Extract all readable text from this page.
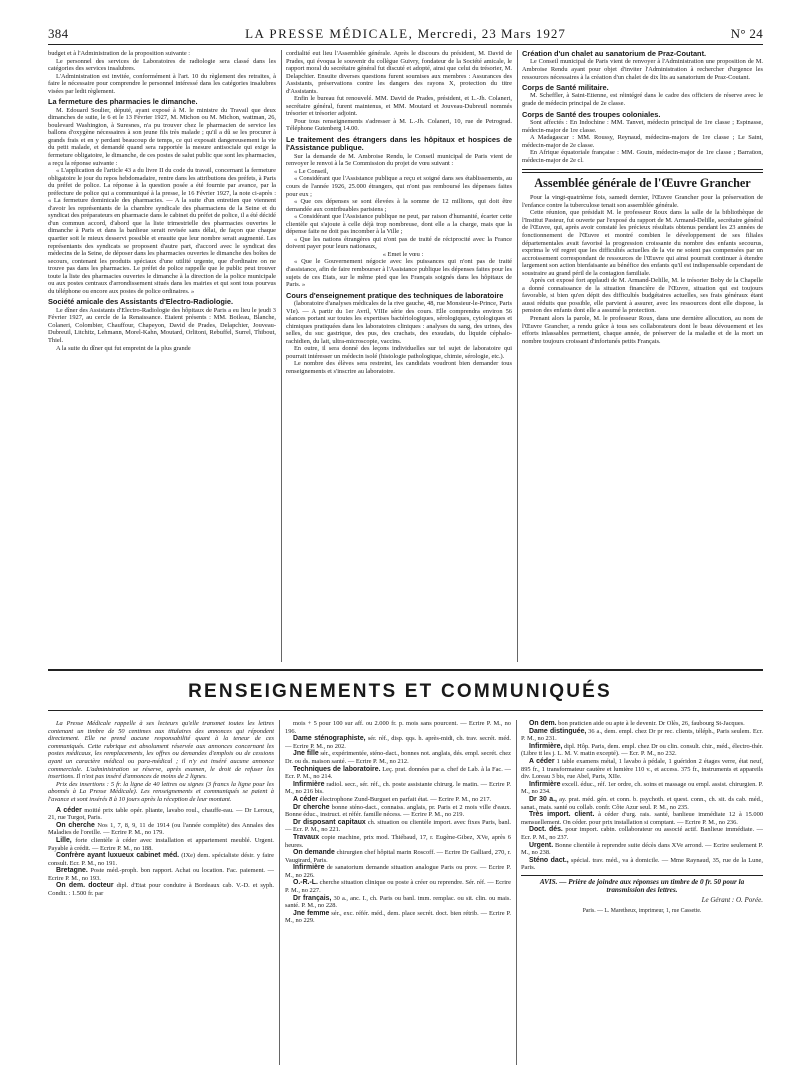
384	LA PRESSE MÉDICALE, Mercredi, 23 Mars 1927	N° 24

budget et à l'Administration de la proposition suivante :

Le personnel des services de Laboratoires de radiologie sera classé dans les catégories des services insalubres.

L'Administration est invitée, conformément à l'art. 10 du règlement des retraites, à faire le nécessaire pour comprendre le personnel intéressé dans les catégories insalubres visées par ledit règlement.

La fermeture des pharmacies le dimanche.

M. Edouard Soulier, député, ayant exposé à M. le ministre du Travail que deux dimanches de suite, le 6 et le 13 Février 1927, M. Michon ou M. Michon, wattman, 26, boulevard Washington, à Suresnes, n'a pu trouver chez le pharmacien de service les ballons d'oxygène nécessaires à son jeune fils très malade ; qu'il a dû se les procurer à grands frais et en y perdant beaucoup de temps, ce qui exposait dangereusement la vie du petit malade, et demandé quand sera rapportée la mesure antisociale qui exige la fermeture obligatoire, le dimanche, de ces postes de salut public que sont les pharmacies, a reçu la réponse suivante :

« L'application de l'article 43 a du livre II du code du travail, concernant la fermeture obligatoire le jour du repos hebdomadaire, rentre dans les attributions des préfets, à Paris du préfet de police. La réponse à la question posée a été fournie par avance, par la préfecture de police qui a communiqué à la presse, le 16 Février 1927, la note ci-après : « La fermeture dominicale des pharmacies. — A la suite d'un entretien que viennent d'avoir les représentants de la chambre syndicale des pharmaciens de la Seine et du syndicat des préparateurs en pharmacie dans le cabinet du préfet de police, il a été décidé d'un commun accord, d'abord que la liste trimestrielle des pharmacies ouvertes le dimanche à Paris et dans la banlieue serait revisée sans délai, de façon que chaque quartier soit le mieux desservi possible et ensuite que leur nombre serait augmenté. Les représentants des syndicats se proposent d'autre part, d'accord avec le syndicat des médecins de la Seine, de déposer dans les pharmacies ouvertes le dimanche des boîtes de secours, contenant les produits spéciaux d'une utilité urgente, que d'ordinaire on ne trouve pas dans les pharmacies. Le préfet de police rappelle que le public peut trouver toute la liste des pharmacies ouvertes le dimanche à la direction de la police municipale ou aux postes centraux d'arrondissement situés dans les mairies et qui sont tous pourvus du téléphone ou encore aux postes de police ordinaires. »

Société amicale des Assistants d'Electro-Radiologie.

Le dîner des Assistants d'Electro-Radiologie des hôpitaux de Paris a eu lieu le jeudi 3 Février 1927, au cercle de la Renaissance. Etaient présents : MM. Boileau, Blanche, Colaneri, Colombier, Chauffour, Chapeyon, David de Prades, Delapchier, Jouveau-Dubreuil, Litchitz, Lehmann, Morel-Kahn, Moutard, Orlitoni, Rebuffel, Surrel, Thibout, Thiel.

A la suite du dîner qui fut empreint de la plus grande

cordialité eut lieu l'Assemblée générale. Après le discours du président, M. David de Prades, qui évoqua le souvenir du collègue Guivry, fondateur de la Société amicale, le rapport moral du secrétaire général fut discuté et adopté, ainsi que celui du trésorier, M. Delapchier. Ensuite diverses questions furent soumises aux membres : Assurances des Assistants, préservations contre les dangers des rayons X, protection du titre d'Assistants.

Enfin le bureau fut renouvelé. MM. David de Prades, président, et L.-Jh. Colaneri, secrétaire général, furent maintenus, et MM. Moutard et Jouveau-Dubreuil nommés trésorier et trésorier adjoint.

Pour tous renseignements s'adresser à M. L.-Jh. Colaneri, 10, rue de Petrograd. Téléphone Gutenberg 14.00.

Le traitement des étrangers dans les hôpitaux et hospices de l'Assistance publique.

Sur la demande de M. Ambroise Rendu, le Conseil municipal de Paris vient de renvoyer le renvoi à la 5e Commission du projet de vœu suivant :

« Le Conseil,

« Considérant que l'Assistance publique a reçu et soigné dans ses établissements, au cours de l'année 1926, 25.000 étrangers, qui n'ont pas remboursé les dépenses faites pour eux ;

« Que ces dépenses se sont élevées à la somme de 12 millions, qui doit être demandée aux contribuables parisiens ;

« Considérant que l'Assistance publique ne peut, par raison d'humanité, écarter cette clientèle qui s'ajoute à celle déjà trop nombreuse, dont elle a la charge, mais que la dépense faite ne doit pas incomber à la Ville ;

« Que les nations étrangères qui n'ont pas de traité de réciprocité avec la France doivent payer pour leurs nationaux,

« Emet le vœu :

« Que le Gouvernement négocie avec les puissances qui n'ont pas de traité d'assistance, afin de faire rembourser à l'Assistance publique les dépenses faites pour les sujets de ces Etats, sur le même pied que les Français soignés dans les hôpitaux de Paris. »

Cours d'enseignement pratique des techniques de laboratoire

(laboratoire d'analyses médicales de la rive gauche, 48, rue Monsieur-le-Prince, Paris VIe). — A partir du 1er Avril, VIIIe série des cours. Elle comprendra environ 56 séances portant sur toutes les expertises bactériologiques, sérologiques, cytologiques et chimiques pratiquées dans les laboratoires cliniques : analyses du sang, des urines, des selles, du suc gastrique, des pus, des crachats, des exsudats, du liquide céphalo-rachidien, du lait, ultra-microscopie, vaccins.

En outre, il sera donné des leçons individuelles sur tel sujet de laboratoire qui pourrait intéresser un médecin isolé (histologie pathologique, chimie, sérologie, etc.).

Le nombre des élèves sera restreint, les candidats voudront bien demander tous renseignements et s'inscrire au laboratoire.

Création d'un chalet au sanatorium de Praz-Coutant.

Le Conseil municipal de Paris vient de renvoyer à l'Administration une proposition de M. Ambroise Rendu ayant pour objet d'inviter l'Administration à rechercher d'urgence les ressources nécessaires à la création d'un chalet de dix lits au sanatorium de Praz-Coutant.

Corps de Santé militaire.

M. Scheffler, à Saint-Etienne, est réintégré dans le cadre des officiers de réserve avec le grade de médecin principal de 2e classe.

Corps de Santé des troupes coloniales.

Sont affectés : En Indochine : MM. Tanvet, médecin principal de 1re classe ; Espinasse, médecin-major de 1re classe.

A Madagascar : MM. Roussy, Reynaud, médecins-majors de 1re classe ; Le Saint, médecin-major de 2e classe.

En Afrique équatoriale française : MM. Gouin, médecin-major de 1re classe ; Barraüon, médecin-major de 2e cl.

Assemblée générale de l'Œuvre Grancher

Pour la vingt-quatrième fois, samedi dernier, l'Œuvre Grancher pour la préservation de l'enfance contre la tuberculose tenait son assemblée générale.

Cette réunion, que présidait M. le professeur Roux dans la salle de la bibliothèque de l'Institut Pasteur, fut ouverte par l'exposé du rapport de M. Armand-Delille, secrétaire général de l'Œuvre, qui, après avoir constaté les précieux résultats obtenus pendant les 23 années de fonctionnement de l'Œuvre et montré combien le développement de ses filiales départementales avait favorisé la progression croissante du nombre des enfants secourus, exprima le vif regret que les difficultés actuelles de la vie ne soient pas compensées par un accroissement correspondant de ressources de l'Œuvre qui ainsi pourrait continuer à étendre largement son action bienfaisante au bénéfice des enfants qu'il est indispensable cependant de soustraire au grand péril de la contagion familiale.

Après cet exposé fort applaudi de M. Armand-Delille, M. le trésorier Boby de la Chapelle a donné connaissance de la situation financière de l'Œuvre, situation qui est toujours favorable, si bien qu'en dépit des difficultés budgétaires actuelles, ses frais généraux étant aussi réduits que possible, elle parvient à assurer, avec les ressources dont elle dispose, la pension des enfants dont elle a assumé la protection.

Prenant alors la parole, M. le professeur Roux, dans une dernière allocution, au nom de l'Œuvre Grancher, a rendu grâce à tous ses collaborateurs dont le beau dévouement et les efforts inlassables permettent, chaque année, de préserver de la maladie et de la mort un nombre toujours croissant d'infortunés petits Français.

RENSEIGNEMENTS ET COMMUNIQUÉS

La Presse Médicale rappelle à ses lecteurs qu'elle transmet toutes les lettres contenant un timbre de 50 centimes aux titulaires des annonces qui répondent directement. Elle ne prend aucune responsabilité quant à la teneur de ces communiqués. Cette rubrique est absolument réservée aux annonces concernant les postes médicaux, les remplacements, les offres ou demandes d'emplois ou de cessions ayant un caractère médical ou para-médical ; il n'y est inséré aucune annonce commerciale. L'administration se réserve, après examen, le droit de refuser les insertions. Il n'est pas inséré d'annonces de moins de 2 lignes.

Prix des insertions : 5 fr. la ligne de 40 lettres ou signes (3 francs la ligne pour les abonnés à La Presse Médicale). Les renseignements et communiqués se paient à l'avance et sont insérés 8 à 10 jours après la réception de leur montant.

A céder moitié prix table opér. pliante, lavabo roul., chauffe-eau. — Dr Leroux, 21, rue Turgot, Paris.

On cherche Nos 1, 7, 8, 9, 11 de 1914 (ou l'année complète) des Annales des Maladies de l'oreille. — Ecrire P. M., no 179.

Lille, forte clientèle à céder avec installation et appartement meublé. Urgent. Payable à crédit. — Ecrire P. M., no 188.

Confrère ayant luxueux cabinet méd. (IXe) dem. spécialiste désir. y faire consult. Ecr. P. M., no 191.

Bretagne. Poste méd.-proph. bon rapport. Achat ou location. Fac. paiement. — Ecrire P. M., no 193.

On dem. docteur dipl. d'Etat pour conduire à Bordeaux cab. V.-D. et syph. Condit. : 1.500 fr. par

mois + 5 pour 100 sur aff. ou 2.000 fr. p. mois sans pourcent. — Ecrire P. M., no 196.

Dame sténographiste, sér. réf., disp. qqs. h. après-midi, ch. trav. secrét. méd. — Ecrire P. M., no 202.

Jne fille sér., expérimentée, sténo-dact., bonnes not. anglais, dés. empl. secrét. chez Dr. ou ds. maison santé. — Ecrire P. M., no 212.

Techniques de laboratoire. Leç. prat. données par a. chef de Lab. à la Fac. — Ecr. P. M., no 214.

Infirmière radiol. secr., sér. réf., ch. poste assistante chirurg. le matin. — Ecrire P. M., no 216 bis.

A céder électrophone Zund-Burguet en parfait état. — Ecrire P. M., no 217.

Dr cherche bonne sténo-dact., connaiss. anglais, pr. Paris et 2 mois ville d'eaux. Bonne éduc., instruct. et référ. famille nécess. — Ecrire P. M., no 219.

Dr disposant capitaux ch. situation ou clientèle import. avec fixes Paris, banl. — Ecr. P. M., no 221.

Travaux copie machine, prix mod. Thiébaud, 17, r. Eugène-Gibez, XVe, après 6 heures.

On demande chirurgien chef hôpital marin Roscoff. — Ecrire Dr Galliard, 270, r. Vaugirard, Paris.

Infirmière de sanatorium demande situation analogue Paris ou prov. — Ecrire P. M., no 226.

O.-R.-L. cherche situation clinique ou poste à créer ou reprendre. Sér. réf. — Ecrire P. M., no 227.

Dr français, 30 a., anc. I., ch. Paris ou banl. imm. remplac. ou sit. clin. ou mais. santé. P. M., no 228.

Jne femme sér., exc. référ. méd., dem. place secrét. doct. bien rétrib. — Ecrire P. M., no 229.

On dem. bon praticien aide ou apte à le devenir. Dr Olès, 26, faubourg St-Jacques.

Dame distinguée, 36 a., dem. empl. chez Dr pr rec. clients, téléph., Paris seulem. Ecr. P. M., no 231.

Infirmière, dipl. Hôp. Paris, dem. empl. chez Dr ou clin. consult. chir., méd., électro-thér. (Libre tt les j. L. M. V. matin excepté). — Ecr. P. M., no 232.

A céder 1 table examens métal, 1 lavabo à pédale, 1 guéridon 2 étages verre, état neuf, 895 fr., 1 transformateur cautère et lumière 110 v., et access. 375 fr., instruments et appareils div. Loreau 3 bis, rue Abel, Paris, XIIe.

Infirmière excell. éduc., réf. 1er ordre, ch. soins et massage ou empl. assist. chirurgien. P. M., no 234.

Dr 30 a., ay. prat. méd. gén. et conn. b. psychoth. et quest. conn., ch. sit. ds cab. méd., sanat., mais. santé ou collab. confr. Côte Azur seul. P. M., no 235.

Très import. client. à céder d'urg. rais. santé, banlieue immédiate 12 à 15.000 mensuellement. On céder. pour prix installation si comptant. — Ecrire P. M., no 236.

Doct. dés. pour import. cabin. collaborateur ou associé actif. Banlieue immédiate. — Ecr. P. M., no 237.

Urgent. Bonne clientèle à reprendre suite décès dans XVe arrond. — Ecrire seulement P. M., no 238.

Sténo dact., spécial. trav. méd., va à domicile. — Mme Raynaud, 35, rue de la Lune, Paris.

AVIS. — Prière de joindre aux réponses un timbre de 0 fr. 50 pour la transmission des lettres.
Le Gérant : O. Porée.
Paris. — L. Maretheux, imprimeur, 1, rue Cassette.
